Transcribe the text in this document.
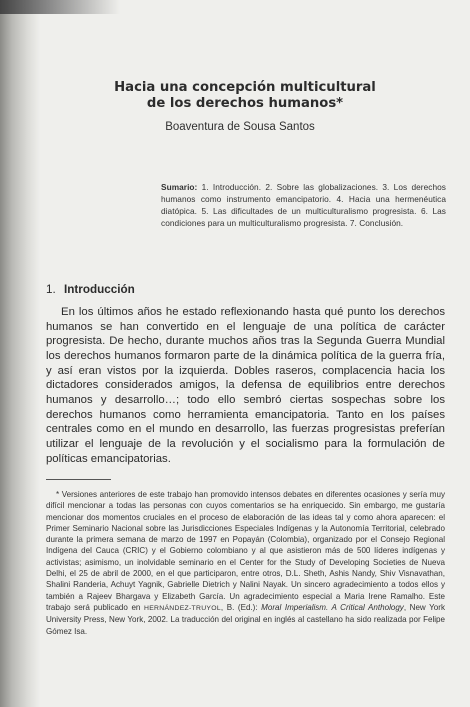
Hacia una concepción multicultural
de los derechos humanos*
Boaventura de Sousa Santos
Sumario: 1. Introducción. 2. Sobre las globalizaciones. 3. Los derechos humanos como instrumento emancipatorio. 4. Hacia una hermenéutica diatópica. 5. Las dificultades de un multiculturalismo progresista. 6. Las condiciones para un multiculturalismo progresista. 7. Conclusión.
1. Introducción

En los últimos años he estado reflexionando hasta qué punto los derechos humanos se han convertido en el lenguaje de una política de carácter progresista. De hecho, durante muchos años tras la Segunda Guerra Mundial los derechos humanos formaron parte de la dinámica política de la guerra fría, y así eran vistos por la izquierda. Dobles raseros, complacencia hacia los dictadores considerados amigos, la defensa de equilibrios entre derechos humanos y desarrollo…; todo ello sembró ciertas sospechas sobre los derechos humanos como herramienta emancipatoria. Tanto en los países centrales como en el mundo en desarrollo, las fuerzas progresistas preferían utilizar el lenguaje de la revolución y el socialismo para la formulación de políticas emancipatorias.

* Versiones anteriores de este trabajo han promovido intensos debates en diferentes ocasiones y sería muy difícil mencionar a todas las personas con cuyos comentarios se ha enriquecido. Sin embargo, me gustaría mencionar dos momentos cruciales en el proceso de elaboración de las ideas tal y como ahora aparecen: el Primer Seminario Nacional sobre las Jurisdicciones Especiales Indígenas y la Autonomía Territorial, celebrado durante la primera semana de marzo de 1997 en Popayán (Colombia), organizado por el Consejo Regional Indígena del Cauca (CRIC) y el Gobierno colombiano y al que asistieron más de 500 líderes indígenas y activistas; asimismo, un inolvidable seminario en el Center for the Study of Developing Societies de Nueva Delhi, el 25 de abril de 2000, en el que participaron, entre otros, D.L. Sheth, Ashis Nandy, Shiv Visnavathan, Shalini Randeria, Achuyt Yagnik, Gabrielle Dietrich y Nalini Nayak. Un sincero agradecimiento a todos ellos y también a Rajeev Bhargava y Elizabeth García. Un agradecimiento especial a Maria Irene Ramalho. Este trabajo será publicado en HERNÁNDEZ-TRUYOL, B. (Ed.): Moral Imperialism. A Critical Anthology, New York University Press, New York, 2002. La traducción del original en inglés al castellano ha sido realizada por Felipe Gómez Isa.
